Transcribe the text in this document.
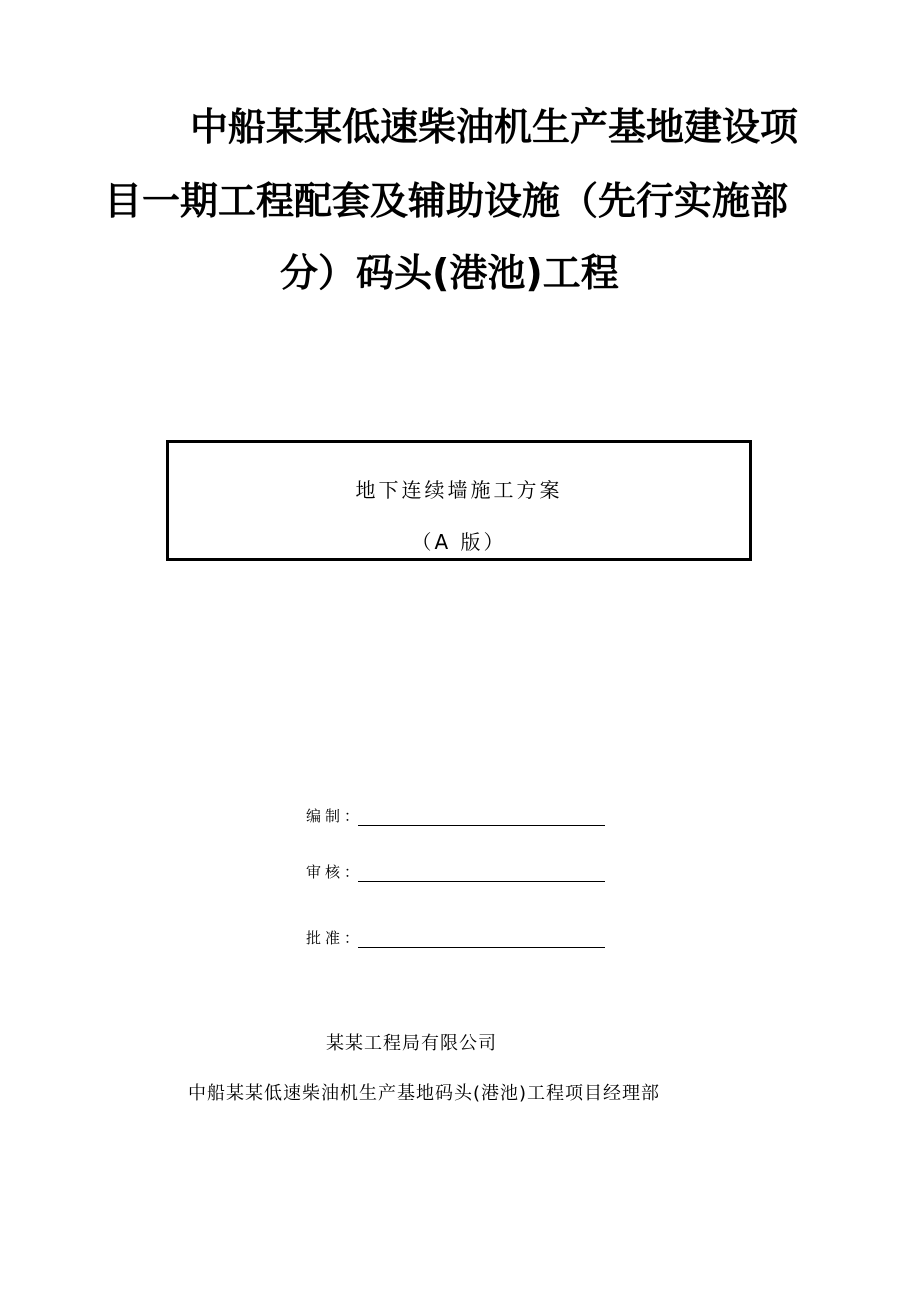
中船某某低速柴油机生产基地建设项
目一期工程配套及辅助设施（先行实施部
分）码头(港池)工程
地下连续墙施工方案
（A 版）
编制：
审核：
批准：
某某工程局有限公司
中船某某低速柴油机生产基地码头(港池)工程项目经理部
